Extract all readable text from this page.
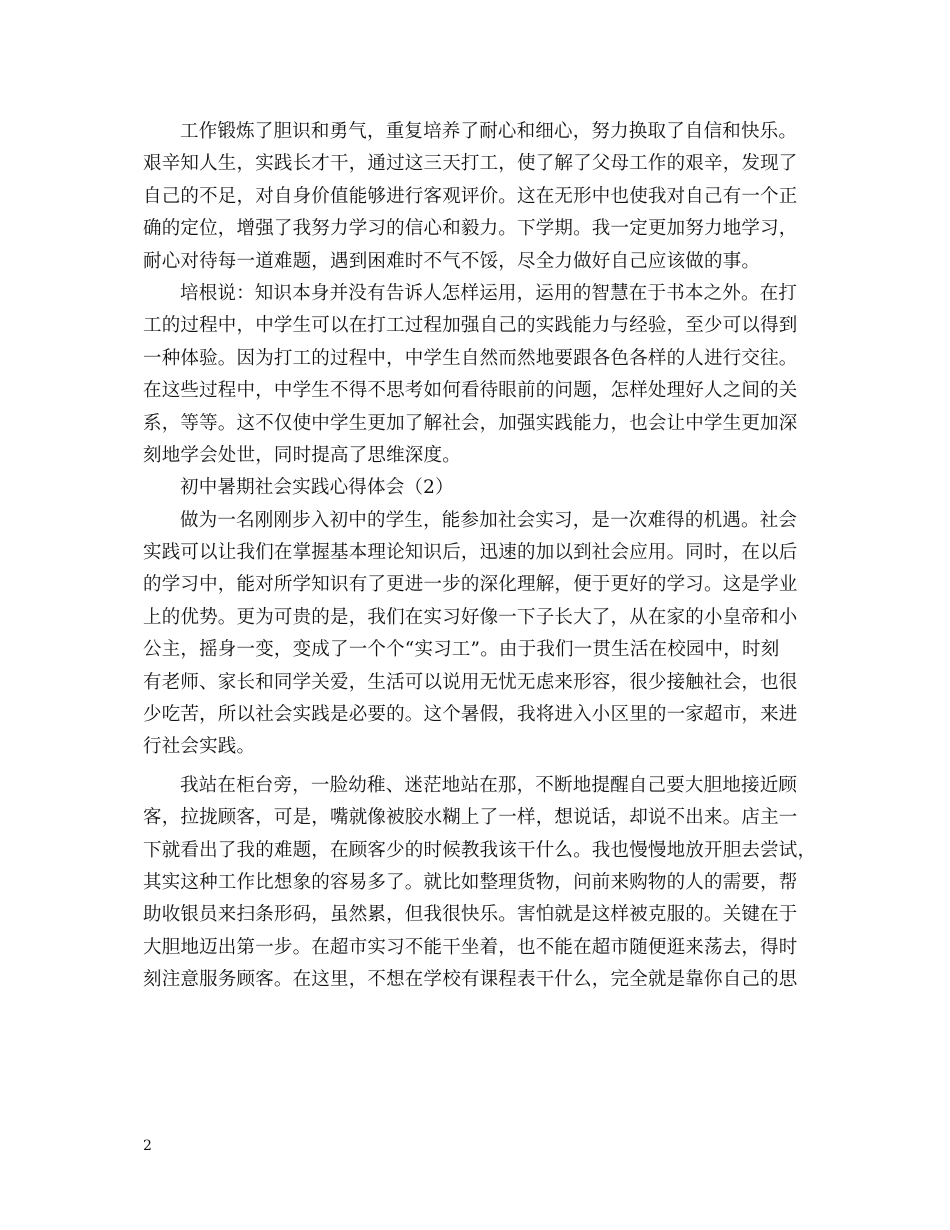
工作锻炼了胆识和勇气，重复培养了耐心和细心，努力换取了自信和快乐。
艰辛知人生，实践长才干，通过这三天打工，使了解了父母工作的艰辛，发现了
自己的不足，对自身价值能够进行客观评价。这在无形中也使我对自己有一个正
确的定位，增强了我努力学习的信心和毅力。下学期。我一定更加努力地学习，
耐心对待每一道难题，遇到困难时不气不馁，尽全力做好自己应该做的事。
培根说：知识本身并没有告诉人怎样运用，运用的智慧在于书本之外。在打
工的过程中，中学生可以在打工过程加强自己的实践能力与经验，至少可以得到
一种体验。因为打工的过程中，中学生自然而然地要跟各色各样的人进行交往。
在这些过程中，中学生不得不思考如何看待眼前的问题，怎样处理好人之间的关
系，等等。这不仅使中学生更加了解社会，加强实践能力，也会让中学生更加深
刻地学会处世，同时提高了思维深度。
初中暑期社会实践心得体会（2）
做为一名刚刚步入初中的学生，能参加社会实习，是一次难得的机遇。社会
实践可以让我们在掌握基本理论知识后，迅速的加以到社会应用。同时，在以后
的学习中，能对所学知识有了更进一步的深化理解，便于更好的学习。这是学业
上的优势。更为可贵的是，我们在实习好像一下子长大了，从在家的小皇帝和小
公主，摇身一变，变成了一个个“实习工”。由于我们一贯生活在校园中，时刻
有老师、家长和同学关爱，生活可以说用无忧无虑来形容，很少接触社会，也很
少吃苦，所以社会实践是必要的。这个暑假，我将进入小区里的一家超市，来进
行社会实践。
我站在柜台旁，一脸幼稚、迷茫地站在那，不断地提醒自己要大胆地接近顾
客，拉拢顾客，可是，嘴就像被胶水糊上了一样，想说话，却说不出来。店主一
下就看出了我的难题，在顾客少的时候教我该干什么。我也慢慢地放开胆去尝试，
其实这种工作比想象的容易多了。就比如整理货物，问前来购物的人的需要，帮
助收银员来扫条形码，虽然累，但我很快乐。害怕就是这样被克服的。关键在于
大胆地迈出第一步。在超市实习不能干坐着，也不能在超市随便逛来荡去，得时
刻注意服务顾客。在这里，不想在学校有课程表干什么，完全就是靠你自己的思
2
